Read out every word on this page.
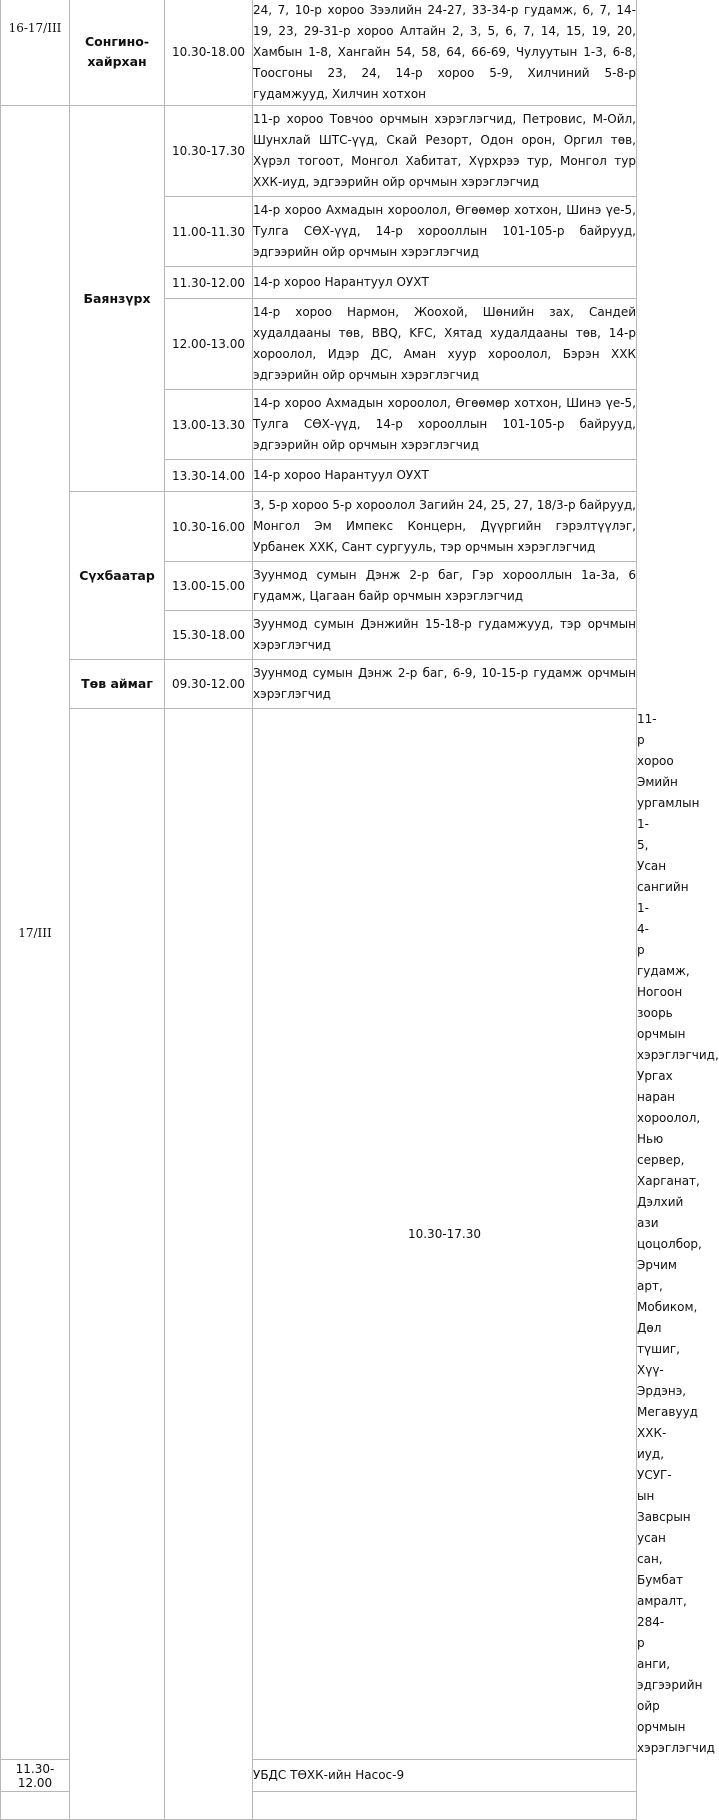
16-17/III	Сонгино-хайрхан	10.30-18.00	24, 7, 10-р хороо Зээлийн 24-27, 33-34-р гудамж, 6, 7, 14-19, 23, 29-31-р хороо Алтайн 2, 3, 5, 6, 7, 14, 15, 19, 20, Хамбын 1-8, Хангайн 54, 58, 64, 66-69, Чулуутын 1-3, 6-8, Тоосгоны 23, 24, 14-р хороо 5-9, Хилчиний 5-8-р гудамжууд, Хилчин хотхон	
17/III	Баянзүрх	10.30-17.30	11-р хороо Товчоо орчмын хэрэглэгчид, Петровис, М-Ойл, Шунхлай ШТС-үүд, Скай Резорт, Одон орон, Оргил төв, Хүрэл тогоот, Монгол Хабитат, Хүрхрээ тур, Монгол тур ХХК-иуд, эдгээрийн ойр орчмын хэрэглэгчид	
		11.00-11.30	14-р хороо Ахмадын хороолол, Өгөөмөр хотхон, Шинэ үе-5, Тулга СӨХ-үүд, 14-р хорооллын 101-105-р байрууд, эдгээрийн ойр орчмын хэрэглэгчид	
		11.30-12.00	14-р хороо Нарантуул ОУХТ	
		12.00-13.00	14-р хороо Нармон, Жоохой, Шөнийн зах, Сандей худалдааны төв, BBQ, KFC, Хятад худалдааны төв, 14-р хороолол, Идэр ДС, Аман хуур хороолол, Бэрэн ХХК эдгээрийн ойр орчмын хэрэглэгчид	
		13.00-13.30	14-р хороо Ахмадын хороолол, Өгөөмөр хотхон, Шинэ үе-5, Тулга СӨХ-үүд, 14-р хорооллын 101-105-р байрууд, эдгээрийн ойр орчмын хэрэглэгчид	
		13.30-14.00	14-р хороо Нарантуул ОУХТ	
	Сүхбаатар	10.30-16.00	3, 5-р хороо 5-р хороолол Загийн 24, 25, 27, 18/3-р байрууд, Монгол Эм Импекс Концерн, Дүүргийн гэрэлтүүлэг, Урбанек ХХК, Сант сургууль, тэр орчмын хэрэглэгчид	
		13.00-15.00	Зуунмод сумын Дэнж 2-р баг, Гэр хорооллын 1а-3а, 6 гудамж, Цагаан байр орчмын хэрэглэгчид	
		15.30-18.00	Зуунмод сумын Дэнжийн 15-18-р гудамжууд, тэр орчмын хэрэглэгчид	
	Төв аймаг	09.30-12.00	Зуунмод сумын Дэнж 2-р баг, 6-9, 10-15-р гудамж орчмын хэрэглэгчид	
			10.30-17.30	11-р хороо Эмийн ургамлын 1-5, Усан сангийн 1-4-р гудамж, Ногоон зоорь орчмын хэрэглэгчид, Ургах наран хороолол, Нью сервер, Харганат, Дэлхий ази цоцолбор, Эрчим арт, Мобиком, Дөл түшиг, Хүү-Эрдэнэ, Мегавууд ХХК-иуд, УСУГ-ын Завсрын усан сан, Бумбат амралт, 284-р анги, эдгээрийн ойр орчмын хэрэглэгчид
11.30-12.00			УБДС ТӨХК-ийн Насос-9	
